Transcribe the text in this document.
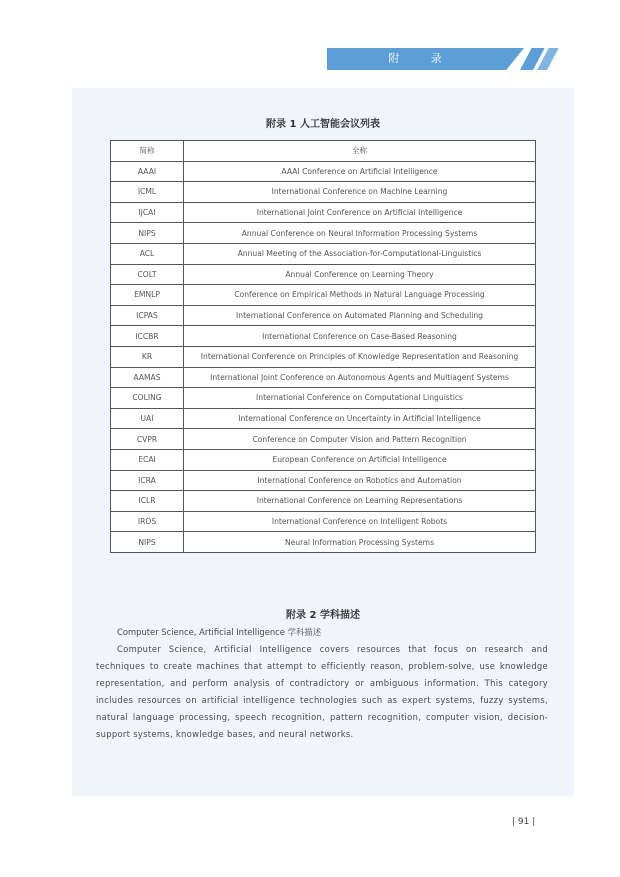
附 录
附录 1 人工智能会议列表
简称	全称
AAAI	AAAI Conference on Artificial Intelligence
ICML	International Conference on Machine Learning
IJCAI	International Joint Conference on Artificial Intelligence
NIPS	Annual Conference on Neural Information Processing Systems
ACL	Annual Meeting of the Association-for-Computational-Linguistics
COLT	Annual Conference on Learning Theory
EMNLP	Conference on Empirical Methods in Natural Language Processing
ICPAS	International Conference on Automated Planning and Scheduling
ICCBR	International Conference on Case-Based Reasoning
KR	International Conference on Principles of Knowledge Representation and Reasoning
AAMAS	International Joint Conference on Autonomous Agents and Multiagent Systems
COLING	International Conference on Computational Linguistics
UAI	International Conference on Uncertainty in Artificial Intelligence
CVPR	Conference on Computer Vision and Pattern Recognition
ECAI	European Conference on Artificial Intelligence
ICRA	International Conference on Robotics and Automation
ICLR	International Conference on Learning Representations
IROS	International Conference on Intelligent Robots
NIPS	Neural Information Processing Systems
附录 2 学科描述

Computer Science, Artificial Intelligence 学科描述

Computer Science, Artificial Intelligence covers resources that focus on research and techniques to create machines that attempt to efficiently reason, problem-solve, use knowledge representation, and perform analysis of contradictory or ambiguous information. This category includes resources on artificial intelligence technologies such as expert systems, fuzzy systems, natural language processing, speech recognition, pattern recognition, computer vision, decision-support systems, knowledge bases, and neural networks.

| 91 |
